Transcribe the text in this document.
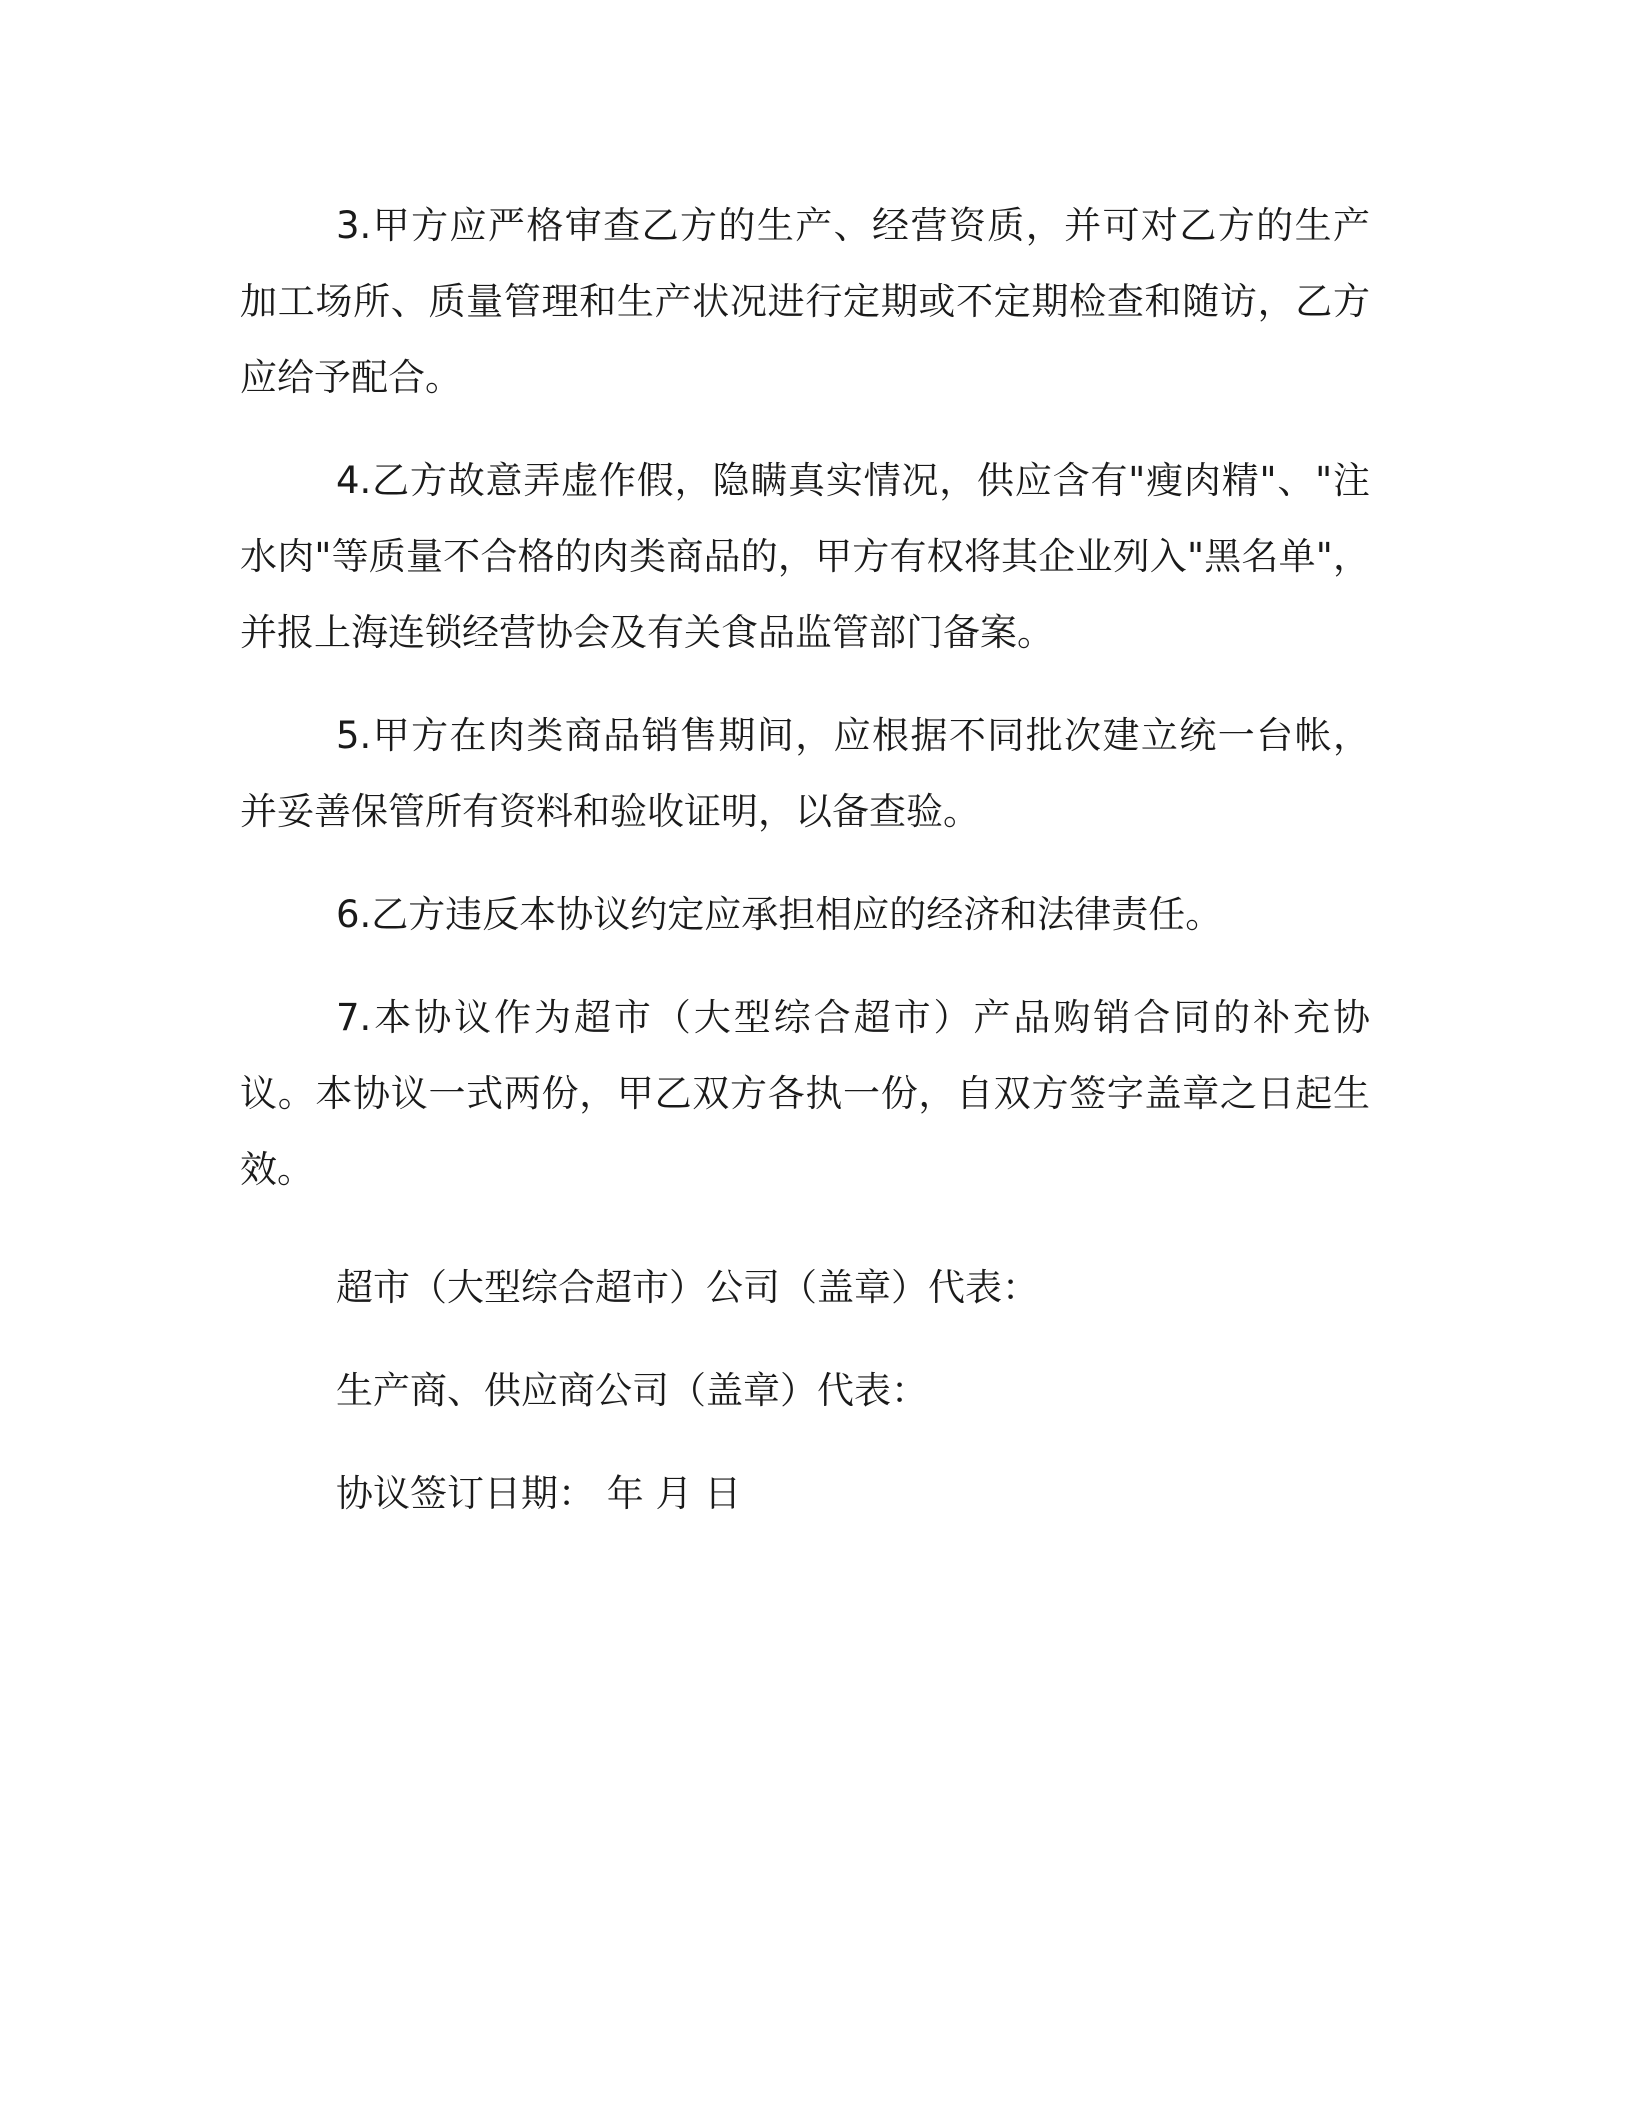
3.甲方应严格审查乙方的生产、经营资质，并可对乙方的生产加工场所、质量管理和生产状况进行定期或不定期检查和随访，乙方应给予配合。

4.乙方故意弄虚作假，隐瞒真实情况，供应含有"瘦肉精"、"注水肉"等质量不合格的肉类商品的，甲方有权将其企业列入"黑名单"，并报上海连锁经营协会及有关食品监管部门备案。

5.甲方在肉类商品销售期间，应根据不同批次建立统一台帐，并妥善保管所有资料和验收证明，以备查验。

6.乙方违反本协议约定应承担相应的经济和法律责任。

7.本协议作为超市（大型综合超市）产品购销合同的补充协议。本协议一式两份，甲乙双方各执一份，自双方签字盖章之日起生效。

超市（大型综合超市）公司（盖章）代表：
生产商、供应商公司（盖章）代表：
协议签订日期： 年 月 日
